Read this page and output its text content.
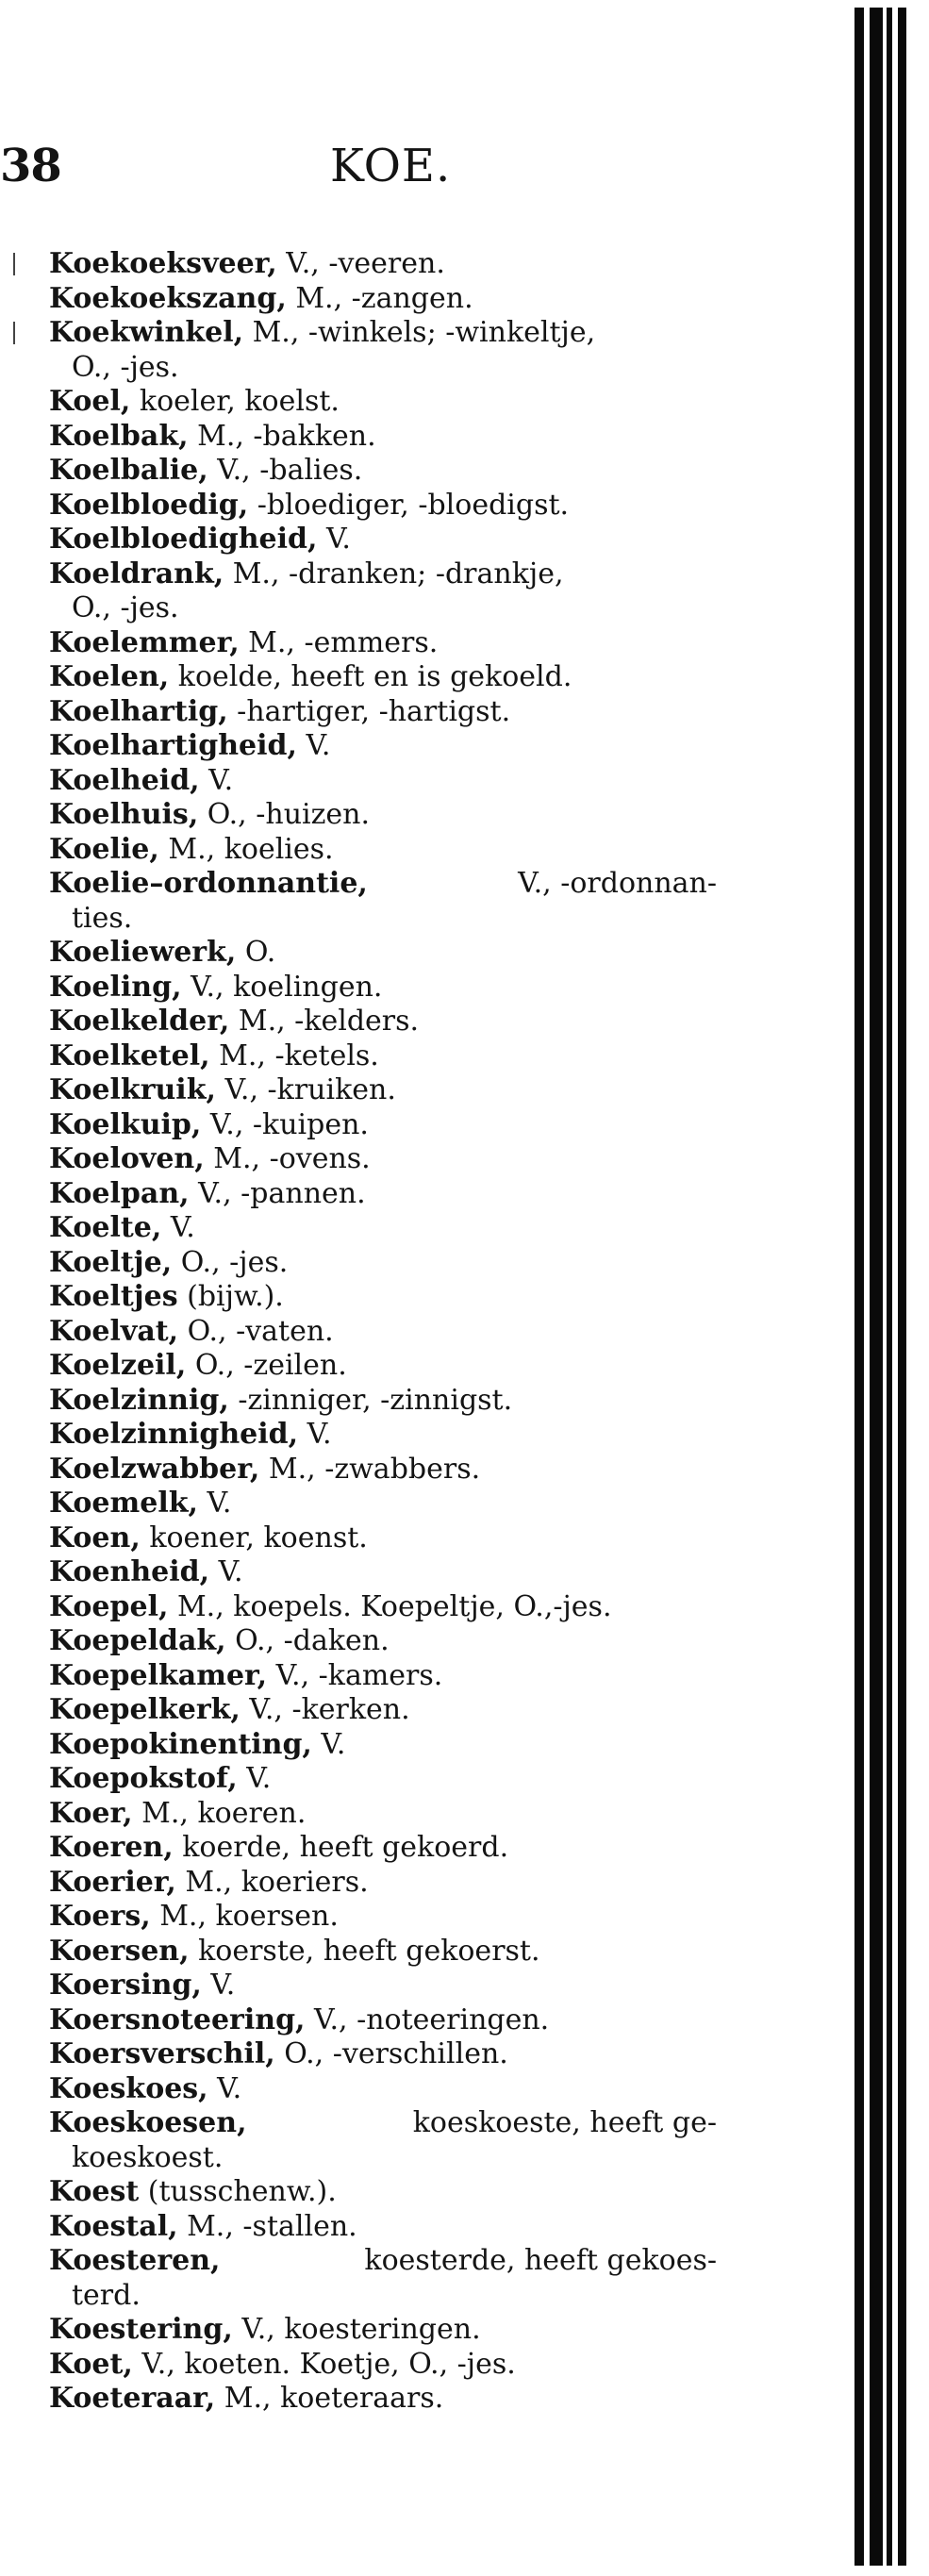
38	KOE.
Koekoeksveer, V., -veeren.
Koekoekszang, M., -zangen.
Koekwinkel, M., -winkels; -winkeltje,
O., -jes.
Koel, koeler, koelst.
Koelbak, M., -bakken.
Koelbalie, V., -balies.
Koelbloedig, -bloediger, -bloedigst.
Koelbloedigheid, V.
Koeldrank, M., -dranken; -drankje,
O., -jes.
Koelemmer, M., -emmers.
Koelen, koelde, heeft en is gekoeld.
Koelhartig, -hartiger, -hartigst.
Koelhartigheid, V.
Koelheid, V.
Koelhuis, O., -huizen.
Koelie, M., koelies.
Koelie–ordonnantie,	V., -ordonnan-
ties.
Koeliewerk, O.
Koeling, V., koelingen.
Koelkelder, M., -kelders.
Koelketel, M., -ketels.
Koelkruik, V., -kruiken.
Koelkuip, V., -kuipen.
Koeloven, M., -ovens.
Koelpan, V., -pannen.
Koelte, V.
Koeltje, O., -jes.
Koeltjes (bijw.).
Koelvat, O., -vaten.
Koelzeil, O., -zeilen.
Koelzinnig, -zinniger, -zinnigst.
Koelzinnigheid, V.
Koelzwabber, M., -zwabbers.
Koemelk, V.
Koen, koener, koenst.
Koenheid, V.
Koepel, M., koepels. Koepeltje, O.,-jes.
Koepeldak, O., -daken.
Koepelkamer, V., -kamers.
Koepelkerk, V., -kerken.
Koepokinenting, V.
Koepokstof, V.
Koer, M., koeren.
Koeren, koerde, heeft gekoerd.
Koerier, M., koeriers.
Koers, M., koersen.
Koersen, koerste, heeft gekoerst.
Koersing, V.
Koersnoteering, V., -noteeringen.
Koersverschil, O., -verschillen.
Koeskoes, V.
Koeskoesen,	koeskoeste, heeft ge-
koeskoest.
Koest (tusschenw.).
Koestal, M., -stallen.
Koesteren,	koesterde, heeft gekoes-
terd.
Koestering, V., koesteringen.
Koet, V., koeten. Koetje, O., -jes.
Koeteraar, M., koeteraars.
